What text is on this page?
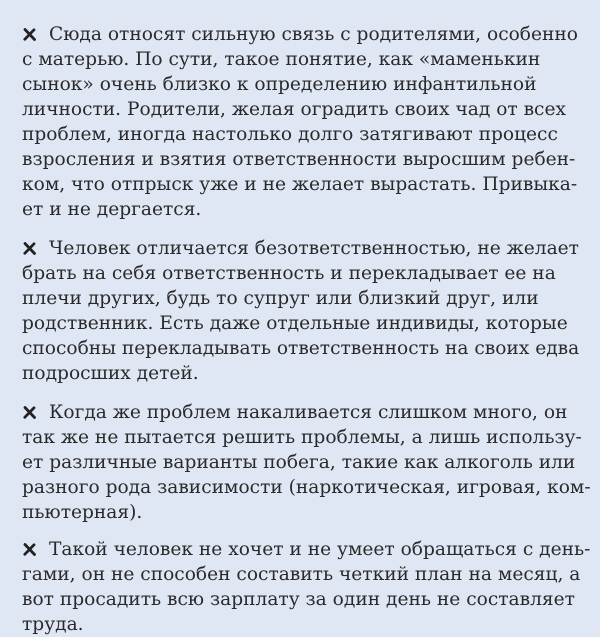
Сюда относят сильную связь с родителями, особенно
с матерью. По сути, такое понятие, как «маменькин
сынок» очень близко к определению инфантильной
личности. Родители, желая оградить своих чад от всех
проблем, иногда настолько долго затягивают процесс
взросления и взятия ответственности выросшим ребен-
ком, что отпрыск уже и не желает вырастать. Привыка-
ет и не дергается.

Человек отличается безответственностью, не желает
брать на себя ответственность и перекладывает ее на
плечи других, будь то супруг или близкий друг, или
родственник. Есть даже отдельные индивиды, которые
способны перекладывать ответственность на своих едва
подросших детей.

Когда же проблем накаливается слишком много, он
так же не пытается решить проблемы, а лишь использу-
ет различные варианты побега, такие как алкоголь или
разного рода зависимости (наркотическая, игровая, ком-
пьютерная).

Такой человек не хочет и не умеет обращаться с день-
гами, он не способен составить четкий план на месяц, а
вот просадить всю зарплату за один день не составляет
труда.
